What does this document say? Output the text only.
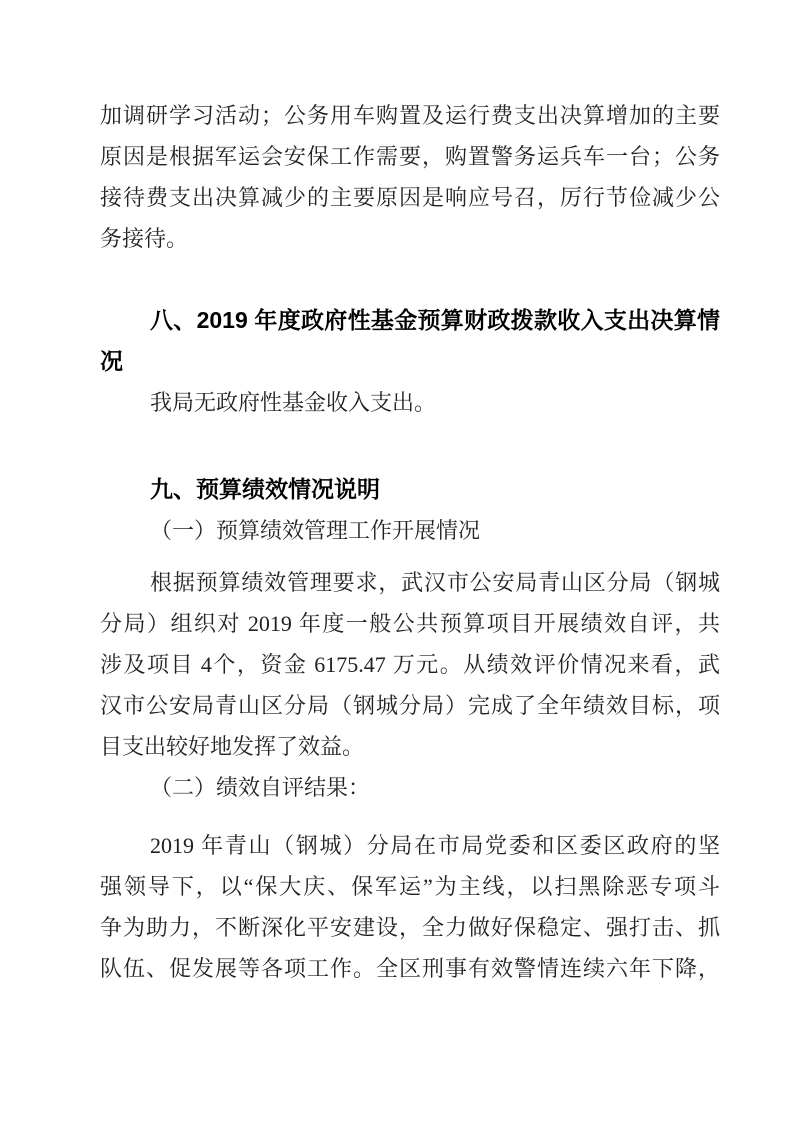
加调研学习活动；公务用车购置及运行费支出决算增加的主要
原因是根据军运会安保工作需要，购置警务运兵车一台；公务
接待费支出决算减少的主要原因是响应号召，厉行节俭减少公
务接待。
八、2019 年度政府性基金预算财政拨款收入支出决算情
况
我局无政府性基金收入支出。
九、预算绩效情况说明
（一）预算绩效管理工作开展情况
根据预算绩效管理要求，武汉市公安局青山区分局（钢城
分局）组织对 2019 年度一般公共预算项目开展绩效自评，共
涉及项目 4个，资金 6175.47 万元。从绩效评价情况来看，武
汉市公安局青山区分局（钢城分局）完成了全年绩效目标，项
目支出较好地发挥了效益。
（二）绩效自评结果：
2019 年青山（钢城）分局在市局党委和区委区政府的坚
强领导下，以“保大庆、保军运”为主线，以扫黑除恶专项斗
争为助力，不断深化平安建设，全力做好保稳定、强打击、抓
队伍、促发展等各项工作。全区刑事有效警情连续六年下降，
